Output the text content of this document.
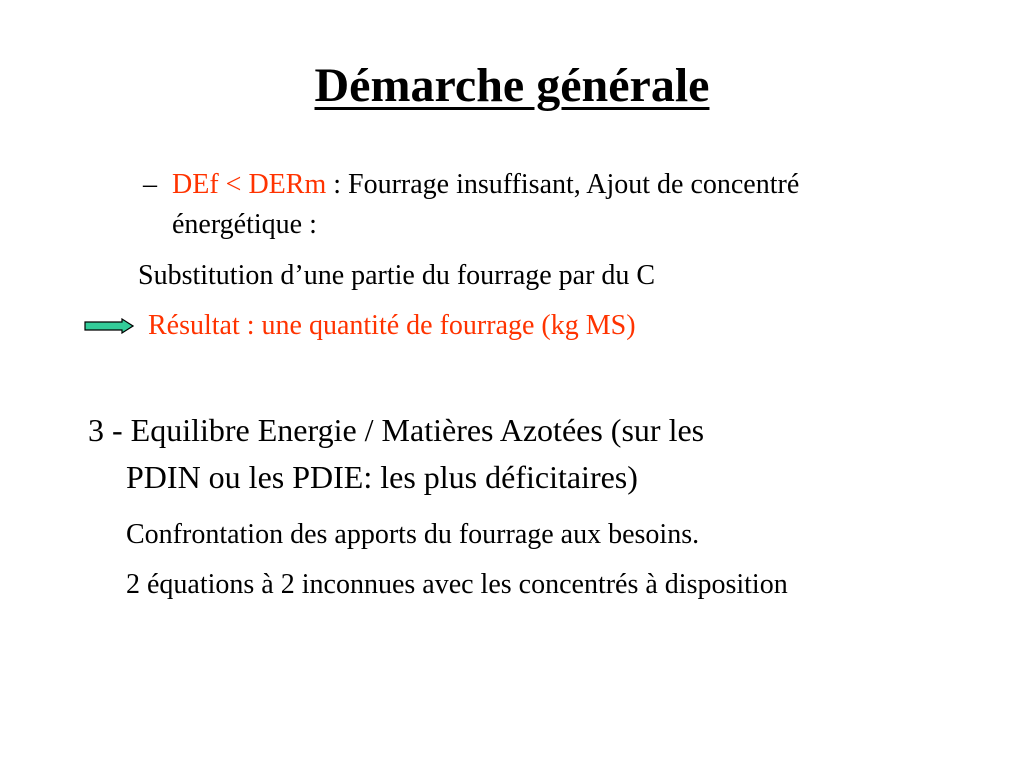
Démarche générale
– DEf < DERm : Fourrage insuffisant, Ajout de concentré
énergétique :
Substitution d’une partie du fourrage par du C
Résultat : une quantité de fourrage (kg MS)
3 - Equilibre Energie / Matières Azotées (sur les
PDIN ou les PDIE: les plus déficitaires)
Confrontation des apports du fourrage aux besoins.
2 équations à 2 inconnues avec les concentrés à disposition
